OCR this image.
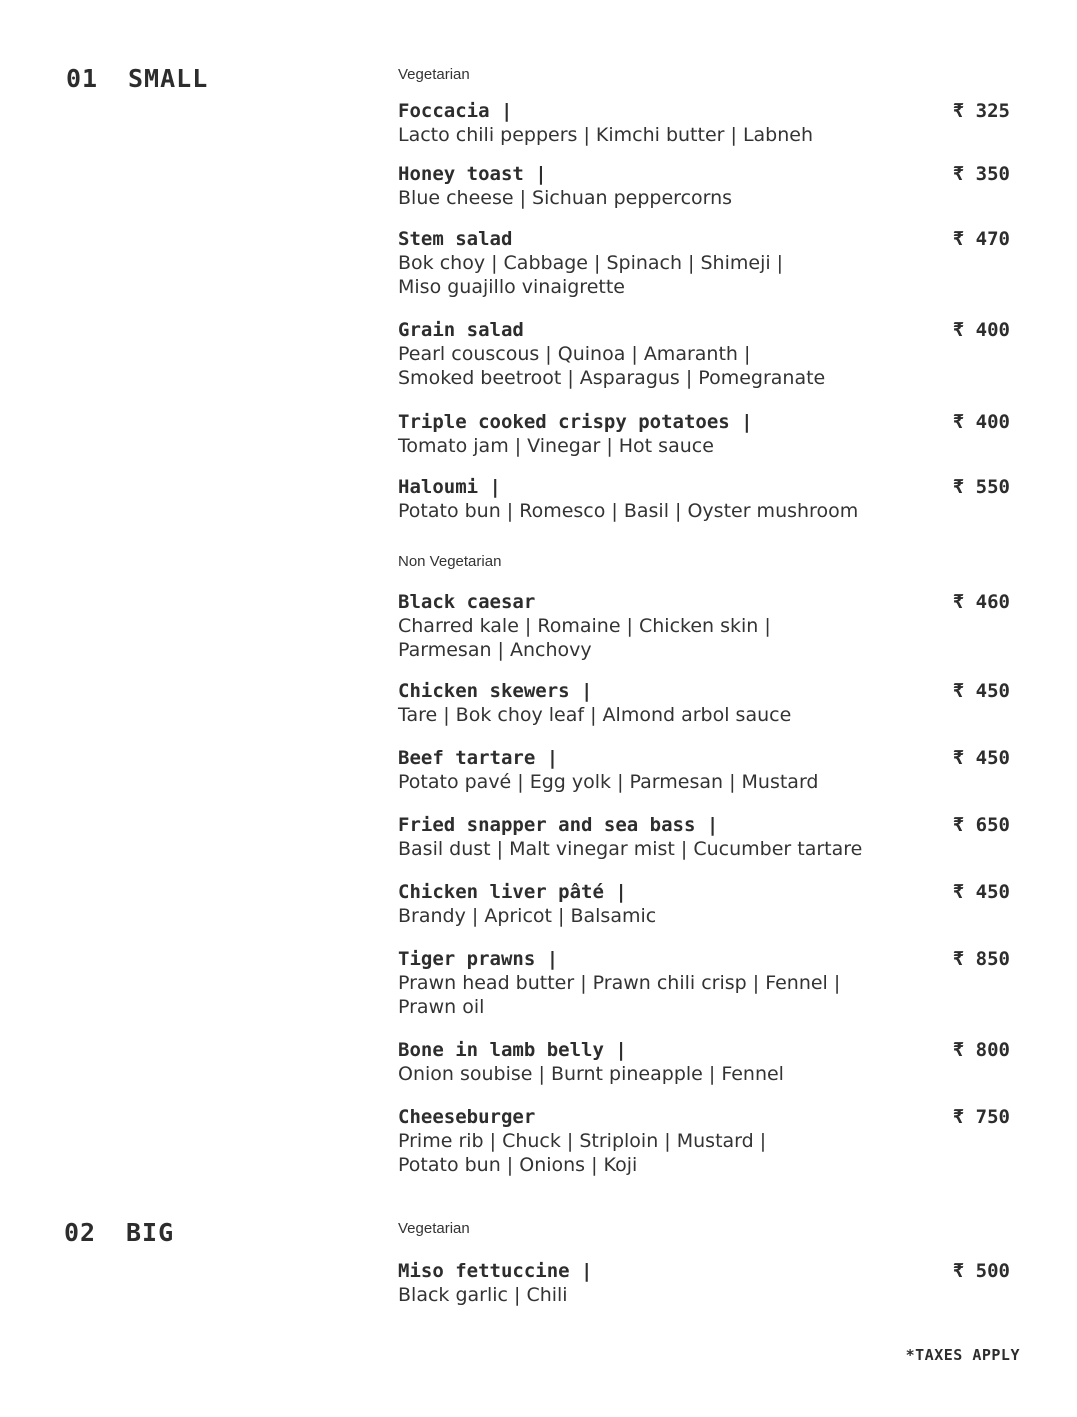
01 SMALL
02 BIG
Vegetarian
Non Vegetarian
Vegetarian
Foccacia |	₹ 325
Lacto chili peppers | Kimchi butter | Labneh
Honey toast |	₹ 350
Blue cheese | Sichuan peppercorns
Stem salad	₹ 470
Bok choy | Cabbage | Spinach | Shimeji |
Miso guajillo vinaigrette
Grain salad	₹ 400
Pearl couscous | Quinoa | Amaranth |
Smoked beetroot | Asparagus | Pomegranate
Triple cooked crispy potatoes |	₹ 400
Tomato jam | Vinegar | Hot sauce
Haloumi |	₹ 550
Potato bun | Romesco | Basil | Oyster mushroom
Black caesar	₹ 460
Charred kale | Romaine | Chicken skin |
Parmesan | Anchovy
Chicken skewers |	₹ 450
Tare | Bok choy leaf | Almond arbol sauce
Beef tartare |	₹ 450
Potato pavé | Egg yolk | Parmesan | Mustard
Fried snapper and sea bass |	₹ 650
Basil dust | Malt vinegar mist | Cucumber tartare
Chicken liver pâté |	₹ 450
Brandy | Apricot | Balsamic
Tiger prawns |	₹ 850
Prawn head butter | Prawn chili crisp | Fennel |
Prawn oil
Bone in lamb belly |	₹ 800
Onion soubise | Burnt pineapple | Fennel
Cheeseburger	₹ 750
Prime rib | Chuck | Striploin | Mustard |
Potato bun | Onions | Koji
Miso fettuccine |	₹ 500
Black garlic | Chili
*TAXES APPLY
